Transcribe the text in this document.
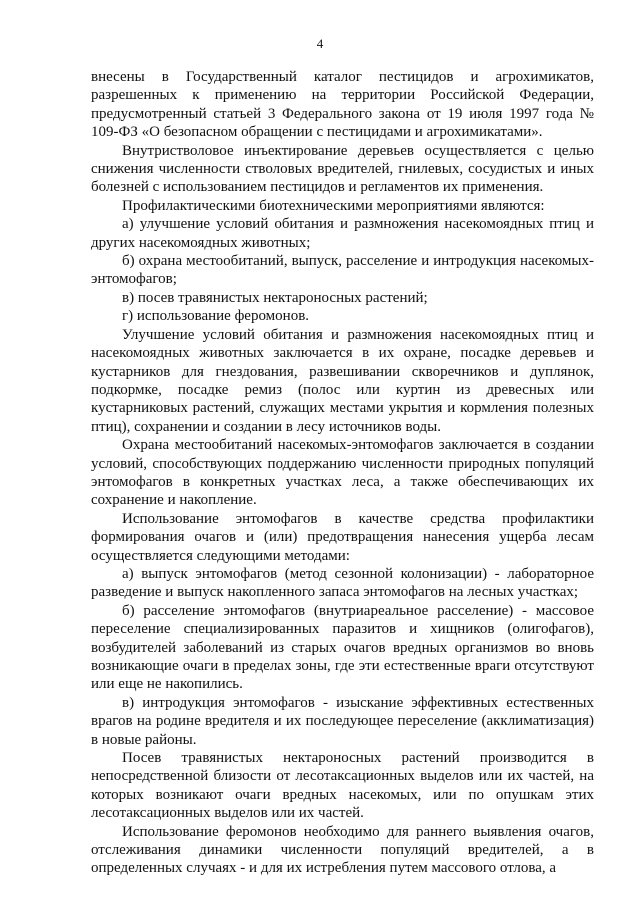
4

внесены в Государственный каталог пестицидов и агрохимикатов, разрешенных к применению на территории Российской Федерации, предусмотренный статьей 3 Федерального закона от 19 июля 1997 года № 109-ФЗ «О безопасном обращении с пестицидами и агрохимикатами».

Внутристволовое инъектирование деревьев осуществляется с целью снижения численности стволовых вредителей, гнилевых, сосудистых и иных болезней с использованием пестицидов и регламентов их применения.

Профилактическими биотехническими мероприятиями являются:

а) улучшение условий обитания и размножения насекомоядных птиц и других насекомоядных животных;

б) охрана местообитаний, выпуск, расселение и интродукция насекомых-энтомофагов;

в) посев травянистых нектароносных растений;

г) использование феромонов.

Улучшение условий обитания и размножения насекомоядных птиц и насекомоядных животных заключается в их охране, посадке деревьев и кустарников для гнездования, развешивании скворечников и дуплянок, подкормке, посадке ремиз (полос или куртин из древесных или кустарниковых растений, служащих местами укрытия и кормления полезных птиц), сохранении и создании в лесу источников воды.

Охрана местообитаний насекомых-энтомофагов заключается в создании условий, способствующих поддержанию численности природных популяций энтомофагов в конкретных участках леса, а также обеспечивающих их сохранение и накопление.

Использование энтомофагов в качестве средства профилактики формирования очагов и (или) предотвращения нанесения ущерба лесам осуществляется следующими методами:

а) выпуск энтомофагов (метод сезонной колонизации) - лабораторное разведение и выпуск накопленного запаса энтомофагов на лесных участках;

б) расселение энтомофагов (внутриареальное расселение) - массовое переселение специализированных паразитов и хищников (олигофагов), возбудителей заболеваний из старых очагов вредных организмов во вновь возникающие очаги в пределах зоны, где эти естественные враги отсутствуют или еще не накопились.

в) интродукция энтомофагов - изыскание эффективных естественных врагов на родине вредителя и их последующее переселение (акклиматизация) в новые районы.

Посев травянистых нектароносных растений производится в непосредственной близости от лесотаксационных выделов или их частей, на которых возникают очаги вредных насекомых, или по опушкам этих лесотаксационных выделов или их частей.

Использование феромонов необходимо для раннего выявления очагов, отслеживания динамики численности популяций вредителей, а в определенных случаях - и для их истребления путем массового отлова, а
